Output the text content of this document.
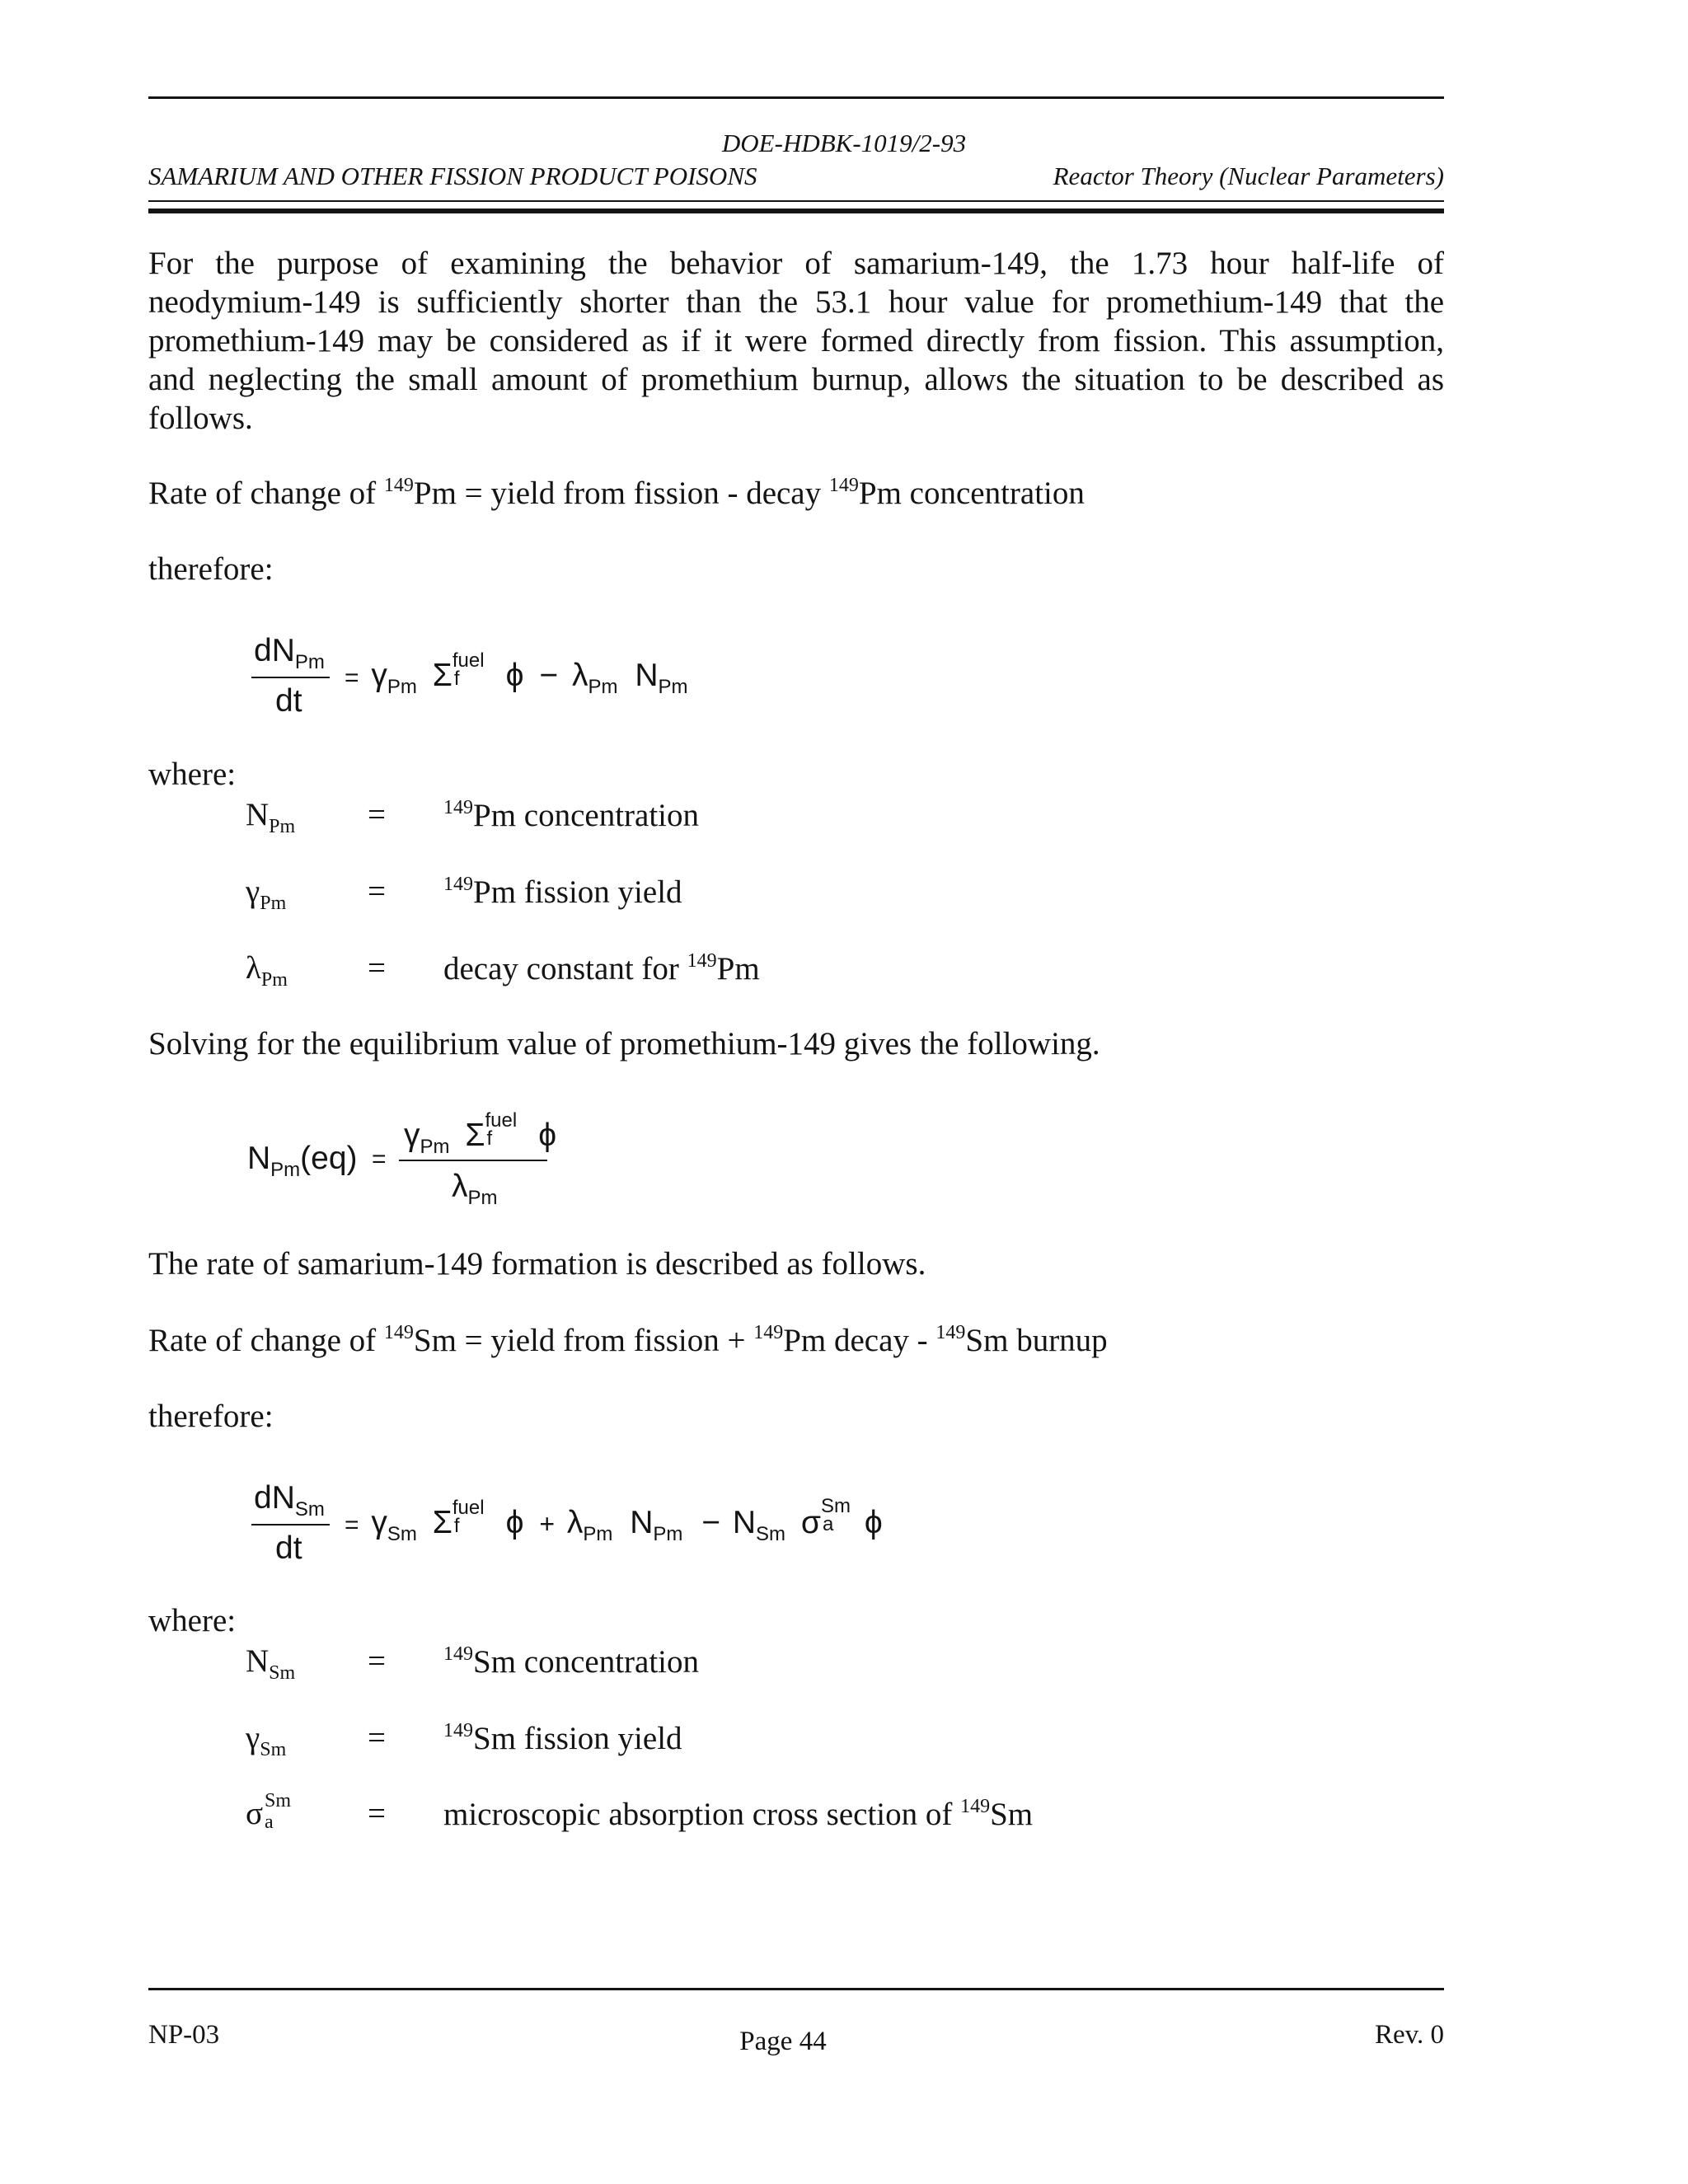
DOE-HDBK-1019/2-93
SAMARIUM AND OTHER FISSION PRODUCT POISONS	Reactor Theory (Nuclear Parameters)
For the purpose of examining the behavior of samarium-149, the 1.73 hour half-life of
neodymium-149 is sufficiently shorter than the 53.1 hour value for promethium-149 that the
promethium-149 may be considered as if it were formed directly from fission. This assumption,
and neglecting the small amount of promethium burnup, allows the situation to be described as
follows.
Rate of change of $^{149}$Pm = yield from fission - decay $^{149}$Pm concentration
therefore:
$dN_{Pm}$
dt
= $\gamma_{Pm}$ Σ fuel
f $\phi - \lambda_{Pm}$ $N_{Pm}$
where:
$N_{Pm}$ =	$^{149}$Pm concentration
$\gamma_{Pm}$	=	$^{149}$Pm fission yield
$\lambda_{Pm}$ = decay constant for $^{149}$Pm
Solving for the equilibrium value of promethium-149 gives the following.
$N_{Pm}(eq)$ =
$\gamma_{Pm}$ Σ fuel
f ϕ
$\lambda_{Pm}$
The rate of samarium-149 formation is described as follows.
Rate of change of $^{149}$Sm = yield from fission + $^{149}$Pm decay - $^{149}$Sm burnup
therefore:
$dN_{Sm}$
dt
= $\gamma_{Sm}$ Σ fuel
f $\phi + \lambda_{Pm}$ $N_{Pm} - N_{Sm}$ σ Sm
a ϕ
where:
$N_{Sm}$ =	$^{149}$Sm concentration
$\gamma_{Sm}$	=	$^{149}$Sm fission yield
σ Sm
a	= microscopic absorption cross section of $^{149}$Sm
NP-03	Page 44	Rev. 0
